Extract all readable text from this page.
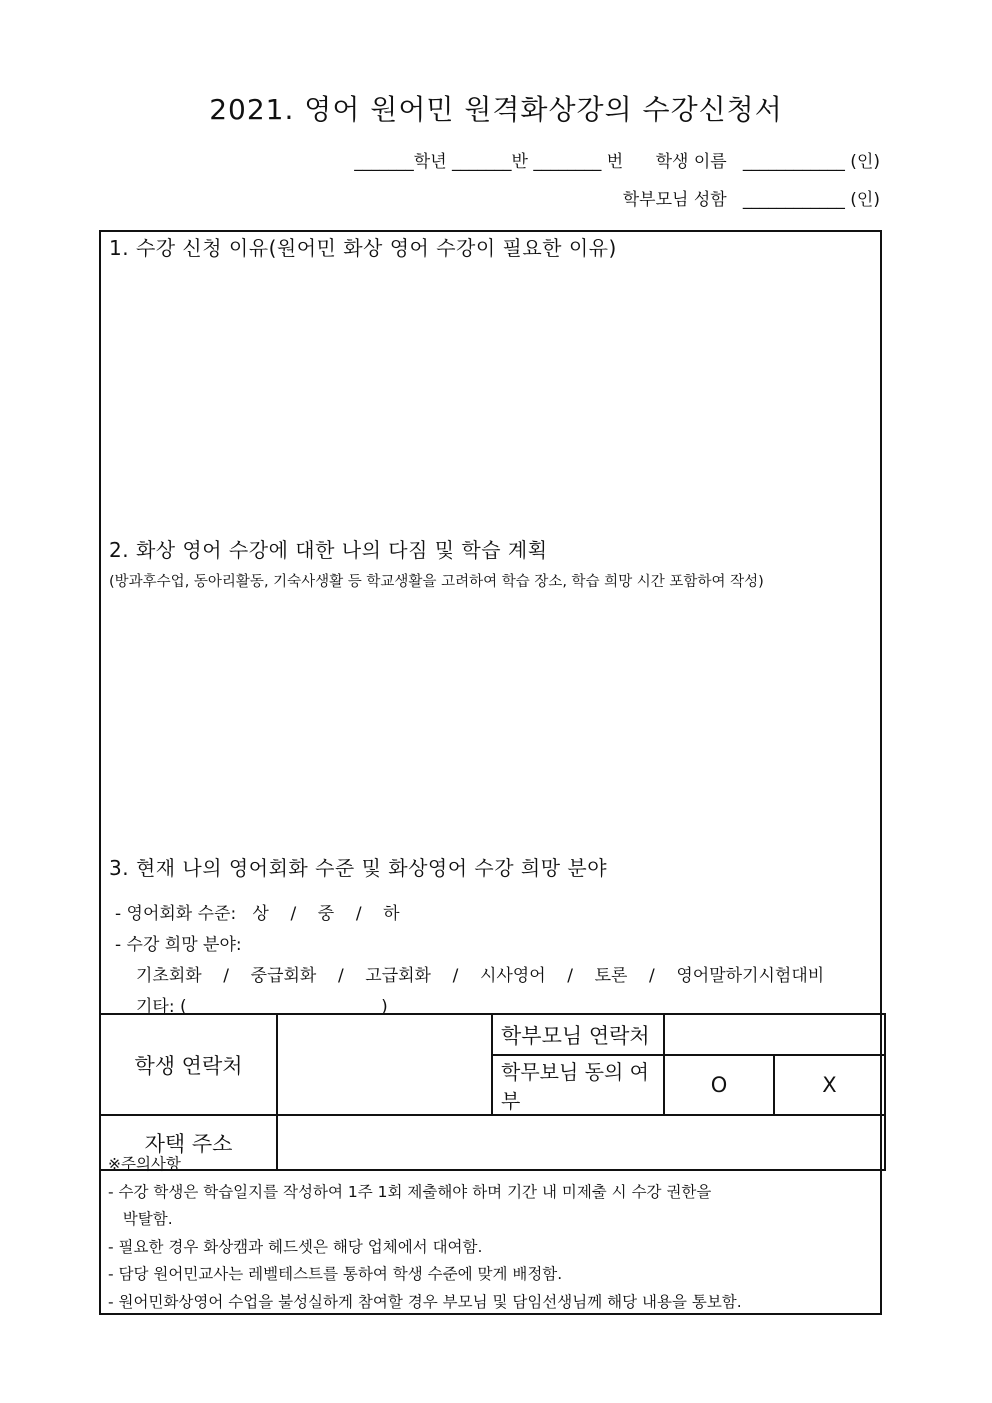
2021. 영어 원어민 원격화상강의 수강신청서
_______학년 _______반 ________ 번      학생 이름   ____________ (인)
학부모님 성함   ____________ (인)
1. 수강 신청 이유(원어민 화상 영어 수강이 필요한 이유)
2. 화상 영어 수강에 대한 나의 다짐 및 학습 계획
(방과후수업, 동아리활동, 기숙사생활 등 학교생활을 고려하여 학습 장소, 학습 희망 시간 포함하여 작성)
3. 현재 나의 영어회화 수준 및 화상영어 수강 희망 분야
- 영어회화 수준:   상    /    중    /    하
- 수강 희망 분야:
기초회화    /    중급회화    /    고급회화    /    시사영어    /    토론    /    영어말하기시험대비
기타: (                                    )
학생 연락처		학부모님 연락처		
		학무보님 동의 여부	O	X
자택 주소				
※주의사항
- 수강 학생은 학습일지를 작성하여 1주 1회 제출해야 하며 기간 내 미제출 시 수강 권한을
박탈함.
- 필요한 경우 화상캠과 헤드셋은 해당 업체에서 대여함.
- 담당 원어민교사는 레벨테스트를 통하여 학생 수준에 맞게 배정함.
- 원어민화상영어 수업을 불성실하게 참여할 경우 부모님 및 담임선생님께 해당 내용을 통보함.
